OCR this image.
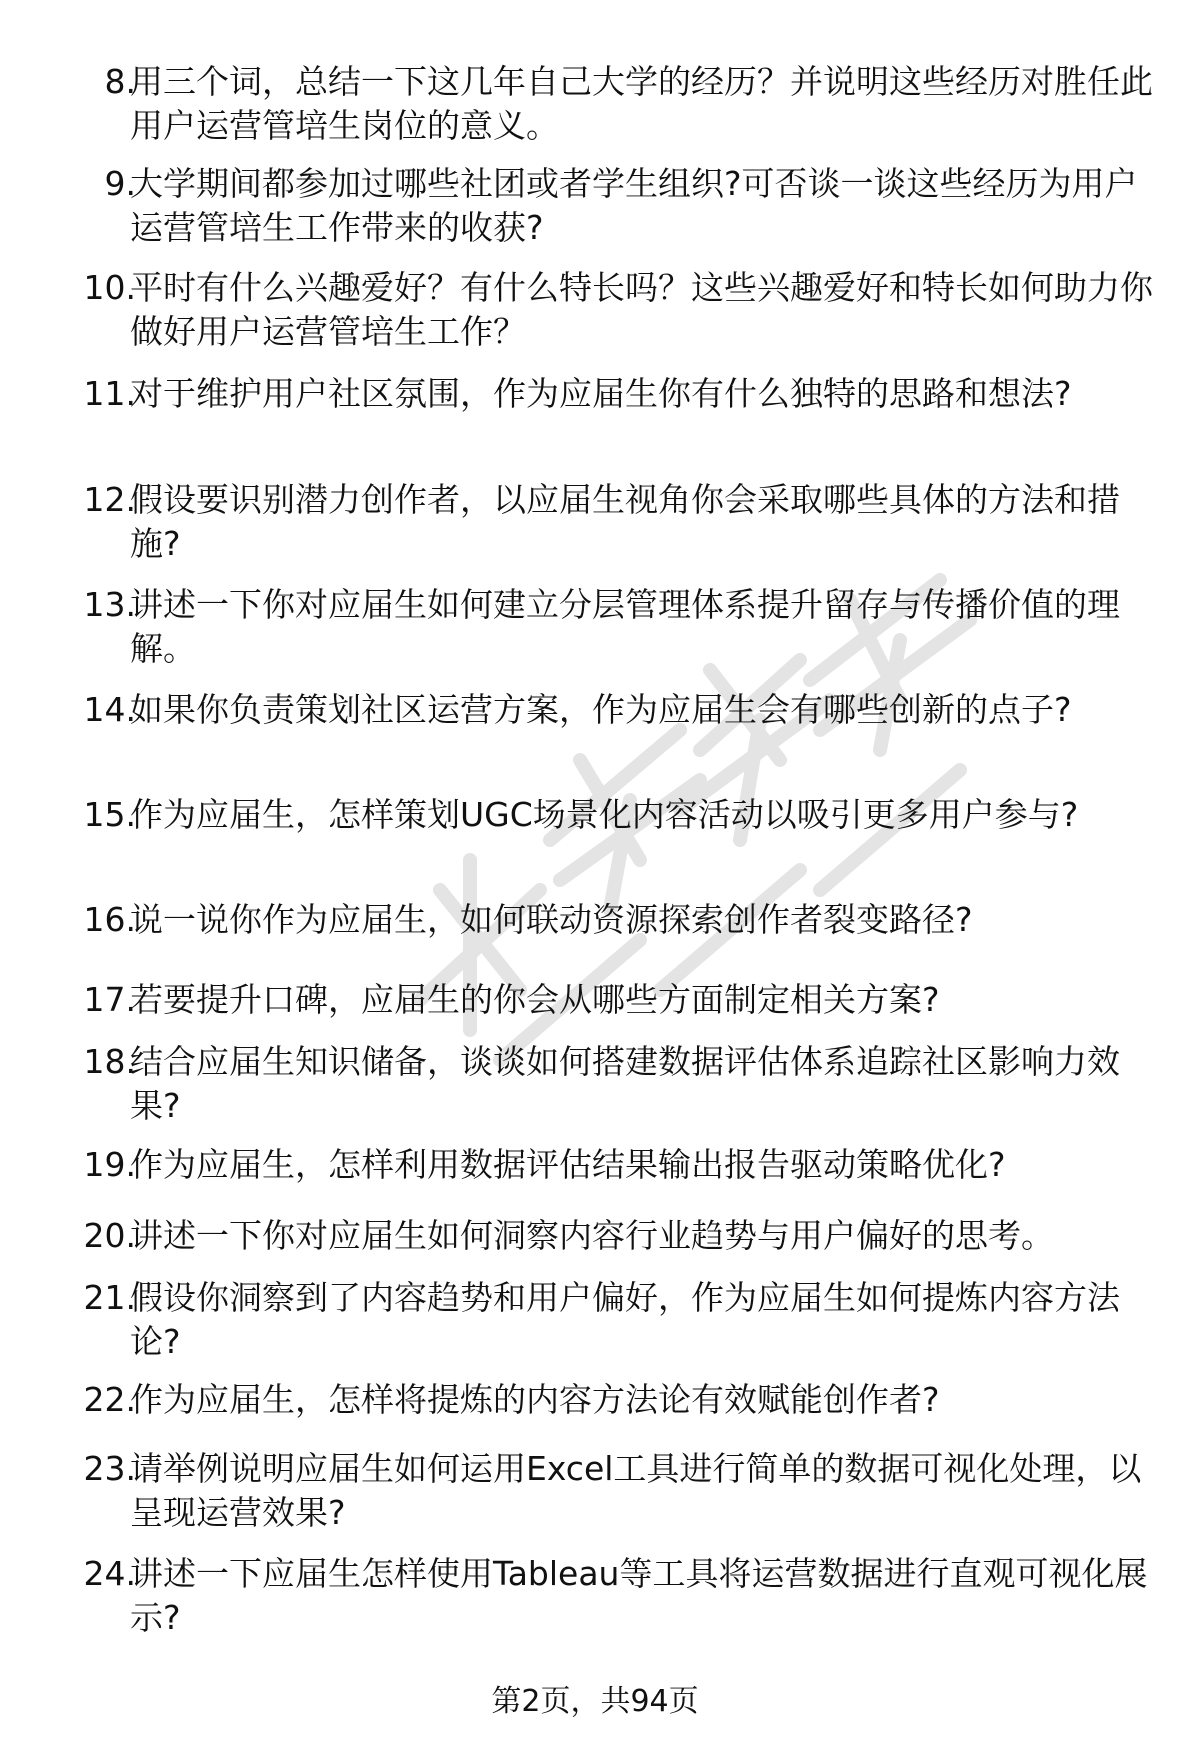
8.
用三个词，总结一下这几年自己大学的经历？并说明这些经历对胜任此用户运营管培生岗位的意义。
9.
大学期间都参加过哪些社团或者学生组织?可否谈一谈这些经历为用户运营管培生工作带来的收获?
10.
平时有什么兴趣爱好？有什么特长吗？这些兴趣爱好和特长如何助力你做好用户运营管培生工作？
11.
对于维护用户社区氛围，作为应届生你有什么独特的思路和想法?
12.
假设要识别潜力创作者，以应届生视角你会采取哪些具体的方法和措施?
13.
讲述一下你对应届生如何建立分层管理体系提升留存与传播价值的理解。
14.
如果你负责策划社区运营方案，作为应届生会有哪些创新的点子?
15.
作为应届生，怎样策划UGC场景化内容活动以吸引更多用户参与?
16.
说一说你作为应届生，如何联动资源探索创作者裂变路径?
17.
若要提升口碑，应届生的你会从哪些方面制定相关方案?
18.
结合应届生知识储备，谈谈如何搭建数据评估体系追踪社区影响力效果?
19.
作为应届生，怎样利用数据评估结果输出报告驱动策略优化?
20.
讲述一下你对应届生如何洞察内容行业趋势与用户偏好的思考。
21.
假设你洞察到了内容趋势和用户偏好，作为应届生如何提炼内容方法论?
22.
作为应届生，怎样将提炼的内容方法论有效赋能创作者?
23.
请举例说明应届生如何运用Excel工具进行简单的数据可视化处理，以呈现运营效果?
24.
讲述一下应届生怎样使用Tableau等工具将运营数据进行直观可视化展示?
第2页，共94页
